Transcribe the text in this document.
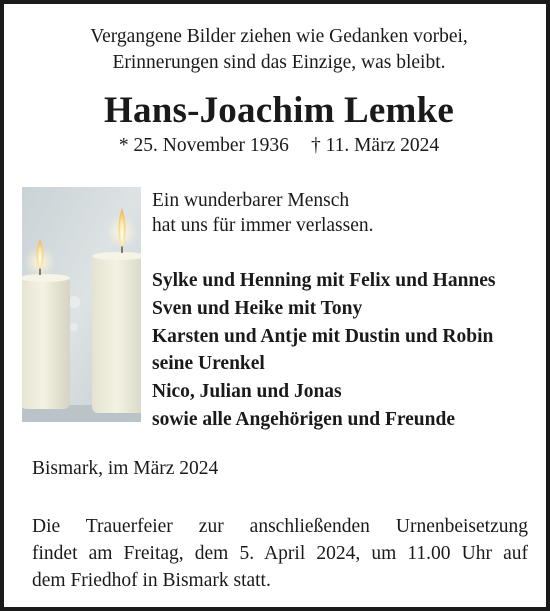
Vergangene Bilder ziehen wie Gedanken vorbei,
Erinnerungen sind das Einzige, was bleibt.
Hans-Joachim Lemke
* 25. November 1936 † 11. März 2024
Ein wunderbarer Mensch
hat uns für immer verlassen.
Sylke und Henning mit Felix und Hannes
Sven und Heike mit Tony
Karsten und Antje mit Dustin und Robin
seine Urenkel
Nico, Julian und Jonas
sowie alle Angehörigen und Freunde
Bismark, im März 2024
Die Trauerfeier zur anschließenden Urnenbeisetzung
findet am Freitag, dem 5. April 2024, um 11.00 Uhr auf
dem Friedhof in Bismark statt.
